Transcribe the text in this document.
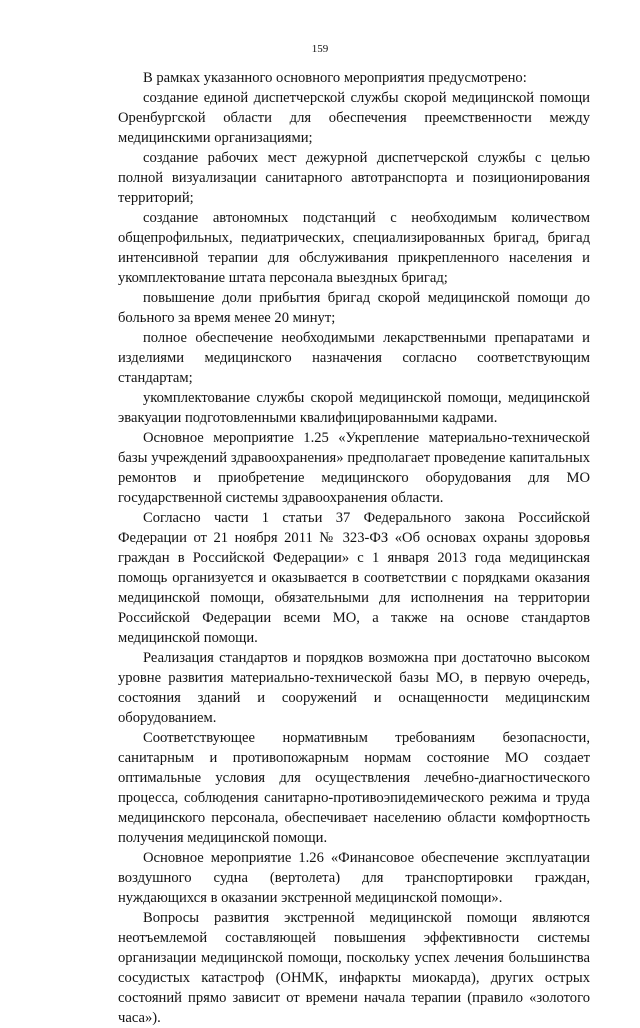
159

В рамках указанного основного мероприятия предусмотрено:

создание единой диспетчерской службы скорой медицинской помощи Оренбургской области для обеспечения преемственности между медицинскими организациями;

создание рабочих мест дежурной диспетчерской службы с целью полной визуализации санитарного автотранспорта и позиционирования территорий;

создание автономных подстанций с необходимым количеством общепрофильных, педиатрических, специализированных бригад, бригад интенсивной терапии для обслуживания прикрепленного населения и укомплектование штата персонала выездных бригад;

повышение доли прибытия бригад скорой медицинской помощи до больного за время менее 20 минут;

полное обеспечение необходимыми лекарственными препаратами и изделиями медицинского назначения согласно соответствующим стандартам;

укомплектование службы скорой медицинской помощи, медицинской эвакуации подготовленными квалифицированными кадрами.

Основное мероприятие 1.25 «Укрепление материально-технической базы учреждений здравоохранения» предполагает проведение капитальных ремонтов и приобретение медицинского оборудования для МО государственной системы здравоохранения области.

Согласно части 1 статьи 37 Федерального закона Российской Федерации от 21 ноября 2011 № 323-ФЗ «Об основах охраны здоровья граждан в Российской Федерации» с 1 января 2013 года медицинская помощь организуется и оказывается в соответствии с порядками оказания медицинской помощи, обязательными для исполнения на территории Российской Федерации всеми МО, а также на основе стандартов медицинской помощи.

Реализация стандартов и порядков возможна при достаточно высоком уровне развития материально-технической базы МО, в первую очередь, состояния зданий и сооружений и оснащенности медицинским оборудованием.

Соответствующее нормативным требованиям безопасности, санитарным и противопожарным нормам состояние МО создает оптимальные условия для осуществления лечебно-диагностического процесса, соблюдения санитарно-противоэпидемического режима и труда медицинского персонала, обеспечивает населению области комфортность получения медицинской помощи.

Основное мероприятие 1.26 «Финансовое обеспечение эксплуатации воздушного судна (вертолета) для транспортировки граждан, нуждающихся в оказании экстренной медицинской помощи».

Вопросы развития экстренной медицинской помощи являются неотъемлемой составляющей повышения эффективности системы организации медицинской помощи, поскольку успех лечения большинства сосудистых катастроф (ОНМК, инфаркты миокарда), других острых состояний прямо зависит от времени начала терапии (правило «золотого часа»).
